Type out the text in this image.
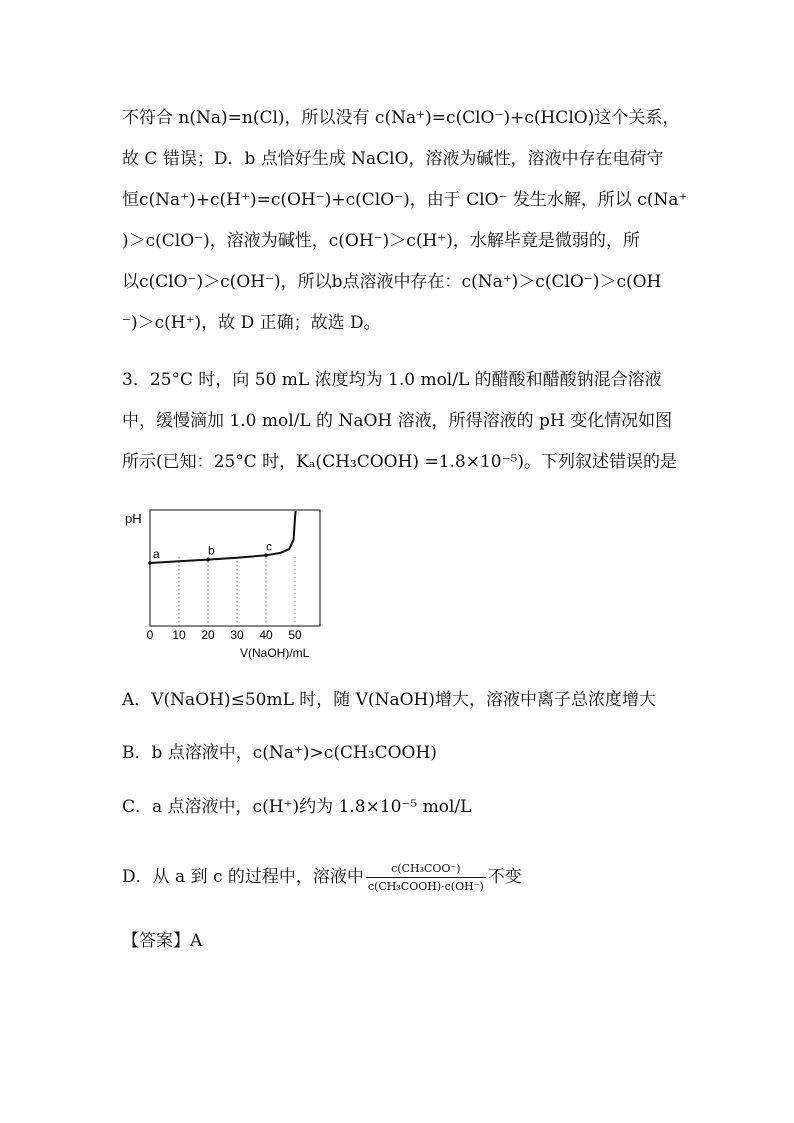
不符合 n(Na)=n(Cl)，所以没有 c(Na⁺)=c(ClO⁻)+c(HClO)这个关系，
故 C 错误；D．b 点恰好生成 NaClO，溶液为碱性，溶液中存在电荷守
恒c(Na⁺)+c(H⁺)=c(OH⁻)+c(ClO⁻)，由于 ClO⁻ 发生水解，所以 c(Na⁺
)＞c(ClO⁻)，溶液为碱性，c(OH⁻)＞c(H⁺)，水解毕竟是微弱的，所
以c(ClO⁻)＞c(OH⁻)，所以b点溶液中存在：c(Na⁺)＞c(ClO⁻)＞c(OH
⁻)＞c(H⁺)，故 D 正确；故选 D。
3．25°C 时，向 50 mL 浓度均为 1.0 mol/L 的醋酸和醋酸钠混合溶液
中，缓慢滴加 1.0 mol/L 的 NaOH 溶液，所得溶液的 pH 变化情况如图
所示(已知：25°C 时，Kₐ(CH₃COOH) =1.8×10⁻⁵)。下列叙述错误的是
pH
0 10 20 30 40 50
a	b	c
V(NaOH)/mL
A．V(NaOH)≤50mL 时，随 V(NaOH)增大，溶液中离子总浓度增大
B．b 点溶液中，c(Na⁺)>c(CH₃COOH)
C．a 点溶液中，c(H⁺)约为 1.8×10⁻⁵ mol/L
D．从 a 到 c 的过程中，溶液中 $\frac{\text{c(CH₃COO⁻)}}{\text{c(CH₃COOH)·c(OH⁻)}}$ 不变
【答案】A
